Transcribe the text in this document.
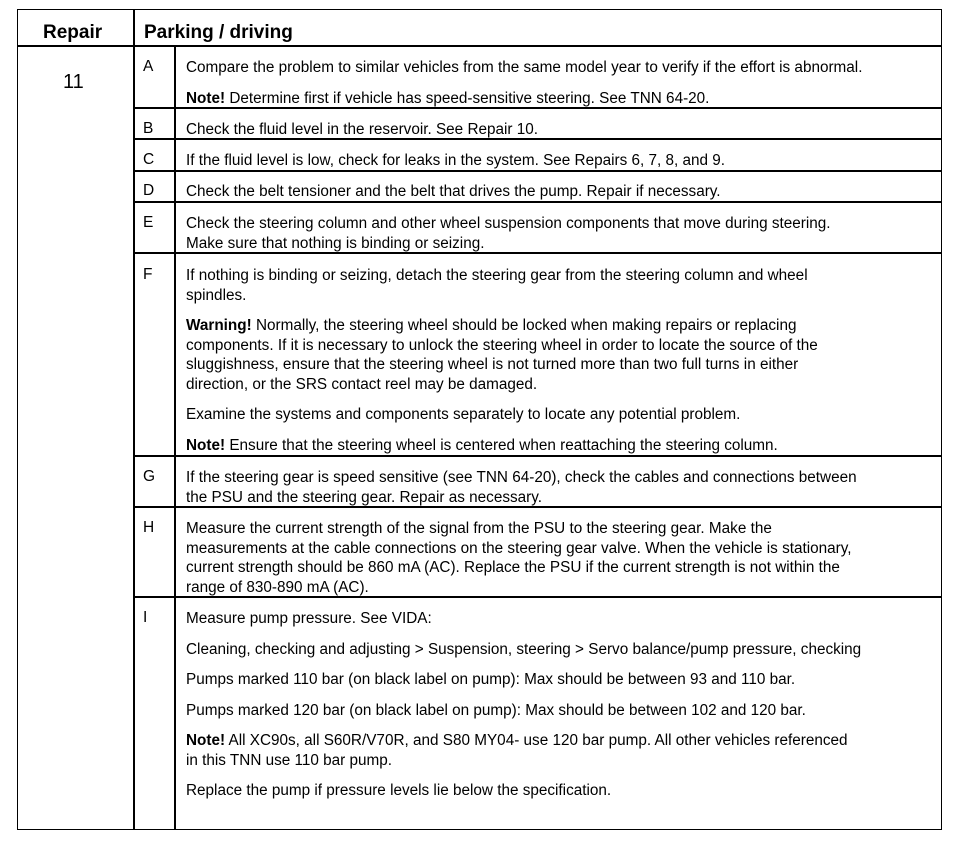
Repair Parking / driving
11
A
B
C
D
E
F
G
H
I

Compare the problem to similar vehicles from the same model year to verify if the effort is abnormal.

Note! Determine first if vehicle has speed-sensitive steering. See TNN 64-20.

Check the fluid level in the reservoir. See Repair 10.

If the fluid level is low, check for leaks in the system. See Repairs 6, 7, 8, and 9.

Check the belt tensioner and the belt that drives the pump. Repair if necessary.

Check the steering column and other wheel suspension components that move during steering.
Make sure that nothing is binding or seizing.

If nothing is binding or seizing, detach the steering gear from the steering column and wheel
spindles.

Warning! Normally, the steering wheel should be locked when making repairs or replacing
components. If it is necessary to unlock the steering wheel in order to locate the source of the
sluggishness, ensure that the steering wheel is not turned more than two full turns in either
direction, or the SRS contact reel may be damaged.

Examine the systems and components separately to locate any potential problem.

Note! Ensure that the steering wheel is centered when reattaching the steering column.

If the steering gear is speed sensitive (see TNN 64-20), check the cables and connections between
the PSU and the steering gear. Repair as necessary.

Measure the current strength of the signal from the PSU to the steering gear. Make the
measurements at the cable connections on the steering gear valve. When the vehicle is stationary,
current strength should be 860 mA (AC). Replace the PSU if the current strength is not within the
range of 830-890 mA (AC).

Measure pump pressure. See VIDA:

Cleaning, checking and adjusting > Suspension, steering > Servo balance/pump pressure, checking

Pumps marked 110 bar (on black label on pump): Max should be between 93 and 110 bar.

Pumps marked 120 bar (on black label on pump): Max should be between 102 and 120 bar.

Note! All XC90s, all S60R/V70R, and S80 MY04- use 120 bar pump. All other vehicles referenced
in this TNN use 110 bar pump.

Replace the pump if pressure levels lie below the specification.
